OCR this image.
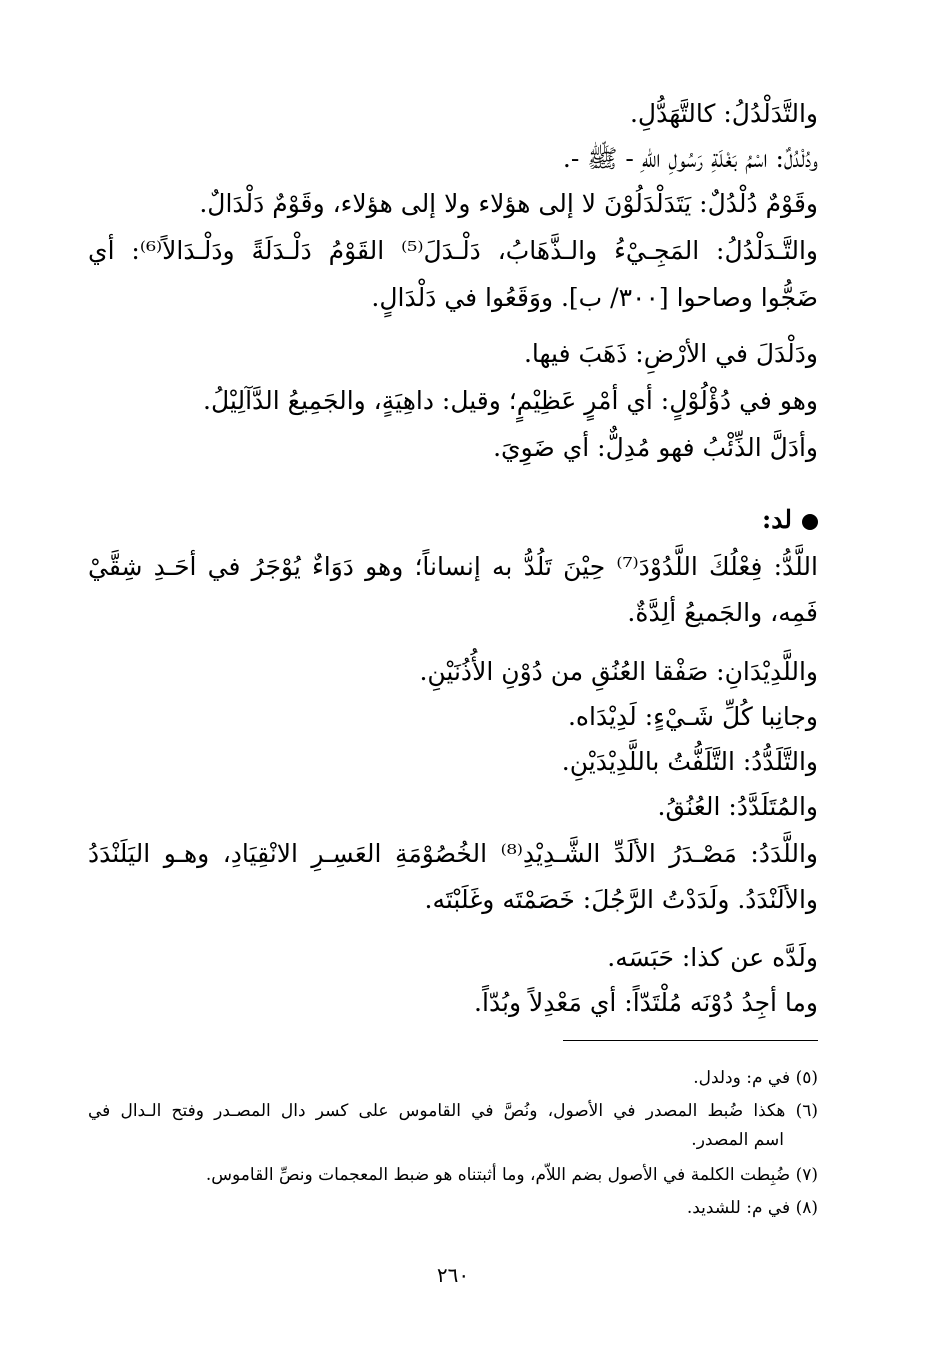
والتَّدَلْدُلُ: كالتَّهَدُّلِ.
ودُلْدُلٌ: اسْمُ بَغْلَةِ رَسُولِ اللّهِ - ﷺ -.
وقَوْمٌ دُلْدُلٌ: يَتَدَلْدَلُوْنَ لا إلى هؤلاء ولا إلى هؤلاء، وقَوْمٌ دَلْدَالٌ.
والتَّـدَلْدُلُ: المَجِـيْءُ والـذَّهَابُ، دَلْـدَلَ⁽⁵⁾ القَوْمُ دَلْـدَلَةً ودَلْـدَالاً⁽⁶⁾: أي
ضَجُّوا وصاحوا [٣٠٠/ ب]. ووَقَعُوا في دَلْدَالٍ.
ودَلْدَلَ في الأرْضِ: ذَهَبَ فيها.
وهو في دُؤْلُوْلٍ: أي أمْرٍ عَظِيْمٍ؛ وقيل: داهِيَةٍ، والجَمِيعُ الدَّآلِيْلُ.
وأدَلَّ الذِّئْبُ فهو مُدِلٌّ: أي ضَوِيَ.
لد:
اللَّدُّ: فِعْلُكَ اللَّدُوْدَ⁽⁷⁾ حِيْنَ تَلُدُّ به إنساناً؛ وهو دَوَاءٌ يُوْجَرُ في أحَـدِ شِقَّيْ
فَمِه، والجَميعُ ألِدَّةٌ.
واللَّدِيْدَانِ: صَفْقا العُنُقِ من دُوْنِ الأُذُنَيْنِ.
وجانِبا كُلِّ شَـيْءٍ: لَدِيْدَاه.
والتَّلَدُّدُ: التَّلَفُّتُ باللَّدِيْدَيْنِ.
والمُتَلَدَّدُ: العُنُقُ.
واللَّدَدُ: مَصْـدَرُ الألَدِّ الشَّـدِيْدِ⁽⁸⁾ الخُصُوْمَةِ العَسِـرِ الانْقِيَادِ، وهـو اليَلَنْدَدُ
والألَنْدَدُ. ولَدَدْتُ الرَّجُلَ: خَصَمْتَه وغَلَبْتَه.
ولَدَّه عن كذا: حَبَسَه.
وما أجِدُ دُوْنَه مُلْتَدّاً: أي مَعْدِلاً وبُدّاً.
(٥) في م: ودلدل.
(٦) هكذا ضُبط المصدر في الأصول، ونُصَّ في القاموس على كسر دال المصـدر وفتح الـدال في
اسم المصدر.
(٧) ضُبِطت الكلمة في الأصول بضم اللاّم، وما أثبتناه هو ضبط المعجمات ونصِّ القاموس.
(٨) في م: للشديد.
٢٦٠
